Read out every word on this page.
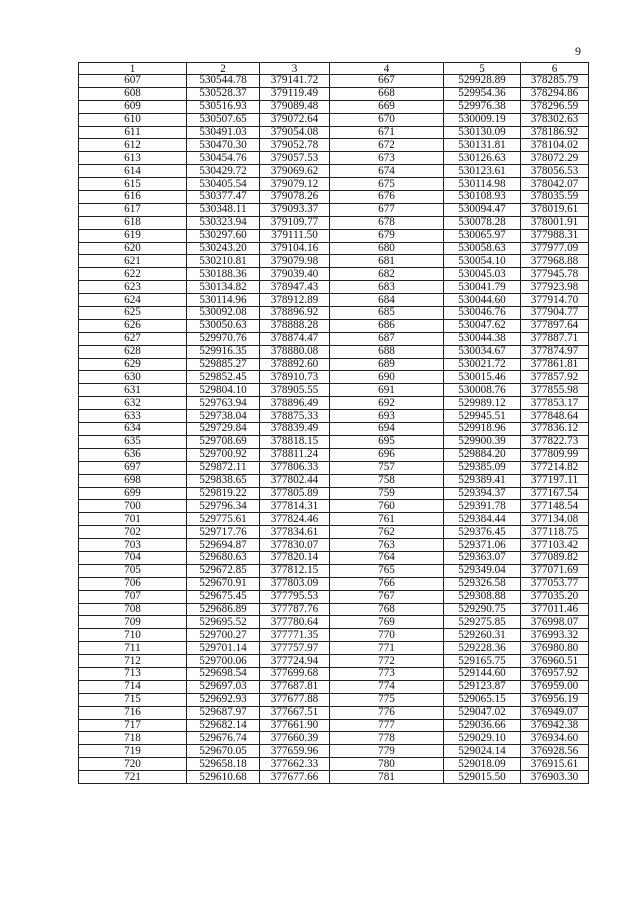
9
1	2	3	4	5	6
607	530544.78	379141.72	667	529928.89	378285.79
608	530528.37	379119.49	668	529954.36	378294.86
609	530516.93	379089.48	669	529976.38	378296.59
610	530507.65	379072.64	670	530009.19	378302.63
611	530491.03	379054.08	671	530130.09	378186.92
612	530470.30	379052.78	672	530131.81	378104.02
613	530454.76	379057.53	673	530126.63	378072.29
614	530429.72	379069.62	674	530123.61	378056.53
615	530405.54	379079.12	675	530114.98	378042.07
616	530377.47	379078.26	676	530108.93	378035.59
617	530348.11	379093.37	677	530094.47	378019.61
618	530323.94	379109.77	678	530078.28	378001.91
619	530297.60	379111.50	679	530065.97	377988.31
620	530243.20	379104.16	680	530058.63	377977.09
621	530210.81	379079.98	681	530054.10	377968.88
622	530188.36	379039.40	682	530045.03	377945.78
623	530134.82	378947.43	683	530041.79	377923.98
624	530114.96	378912.89	684	530044.60	377914.70
625	530092.08	378896.92	685	530046.76	377904.77
626	530050.63	378888.28	686	530047.62	377897.64
627	529970.76	378874.47	687	530044.38	377887.71
628	529916.35	378880.08	688	530034.67	377874.97
629	529885.27	378892.60	689	530021.72	377861.81
630	529852.45	378910.73	690	530015.46	377857.92
631	529804.10	378905.55	691	530008.76	377855.98
632	529763.94	378896.49	692	529989.12	377853.17
633	529738.04	378875.33	693	529945.51	377848.64
634	529729.84	378839.49	694	529918.96	377836.12
635	529708.69	378818.15	695	529900.39	377822.73
636	529700.92	378811.24	696	529884.20	377809.99
697	529872.11	377806.33	757	529385.09	377214.82
698	529838.65	377802.44	758	529389.41	377197.11
699	529819.22	377805.89	759	529394.37	377167.54
700	529796.34	377814.31	760	529391.78	377148.54
701	529775.61	377824.46	761	529384.44	377134.08
702	529717.76	377834.61	762	529376.45	377118.75
703	529694.87	377830.07	763	529371.06	377103.42
704	529680.63	377820.14	764	529363.07	377089.82
705	529672.85	377812.15	765	529349.04	377071.69
706	529670.91	377803.09	766	529326.58	377053.77
707	529675.45	377795.53	767	529308.88	377035.20
708	529686.89	377787.76	768	529290.75	377011.46
709	529695.52	377780.64	769	529275.85	376998.07
710	529700.27	377771.35	770	529260.31	376993.32
711	529701.14	377757.97	771	529228.36	376980.80
712	529700.06	377724.94	772	529165.75	376960.51
713	529698.54	377699.68	773	529144.60	376957.92
714	529697.03	377687.81	774	529123.87	376959.00
715	529692.93	377677.88	775	529065.15	376956.19
716	529687.97	377667.51	776	529047.02	376949.07
717	529682.14	377661.90	777	529036.66	376942.38
718	529676.74	377660.39	778	529029.10	376934.60
719	529670.05	377659.96	779	529024.14	376928.56
720	529658.18	377662.33	780	529018.09	376915.61
721	529610.68	377677.66	781	529015.50	376903.30
